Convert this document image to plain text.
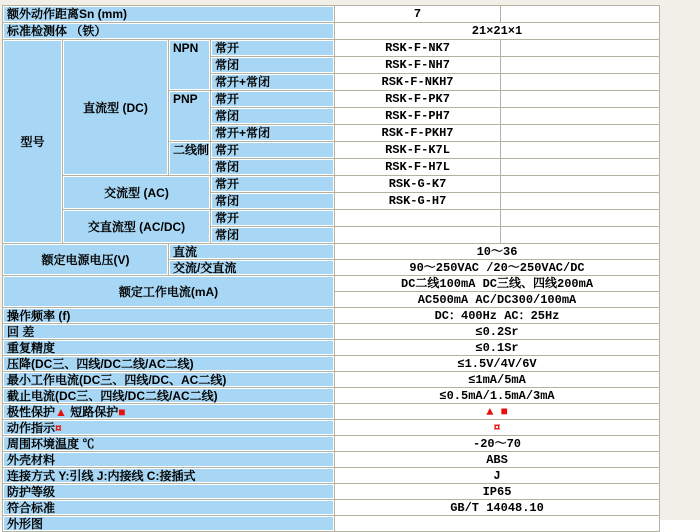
额外动作距离Sn (mm)				7	
标准检测体 （铁）				21×21×1	
型号	直流型 (DC)	NPN	常开	RSK-F-NK7	
			常闭	RSK-F-NH7	
			常开+常闭	RSK-F-NKH7	
		PNP	常开	RSK-F-PK7	
			常闭	RSK-F-PH7	
			常开+常闭	RSK-F-PKH7	
		二线制	常开	RSK-F-K7L	
			常闭	RSK-F-H7L	
	交流型 (AC)		常开	RSK-G-K7	
			常闭	RSK-G-H7	
	交直流型 (AC/DC)		常开		
			常闭		
额定电源电压(V)		直流		10～36	
		交流/交直流		90～250VAC /20～250VAC/DC	
额定工作电流(mA)				DC二线100mA DC三线、四线200mA	
				AC500mA AC/DC300/100mA	
操作频率 (f)				DC：400Hz AC：25Hz	
回 差				≤0.2Sr	
重复精度				≤0.1Sr	
压降(DC三、四线/DC二线/AC二线)				≤1.5V/4V/6V	
最小工作电流(DC三、四线/DC、AC二线)				≤1mA/5mA	
截止电流(DC三、四线/DC二线/AC二线)				≤0.5mA/1.5mA/3mA	
极性保护▲ 短路保护■				▲ ■	
动作指示¤				¤	
周围环境温度 ℃				-20～70	
外壳材料				ABS	
连接方式 Y:引线 J:内接线 C:接插式				J	
防护等级				IP65	
符合标准				GB/T 14048.10	
外形图					
